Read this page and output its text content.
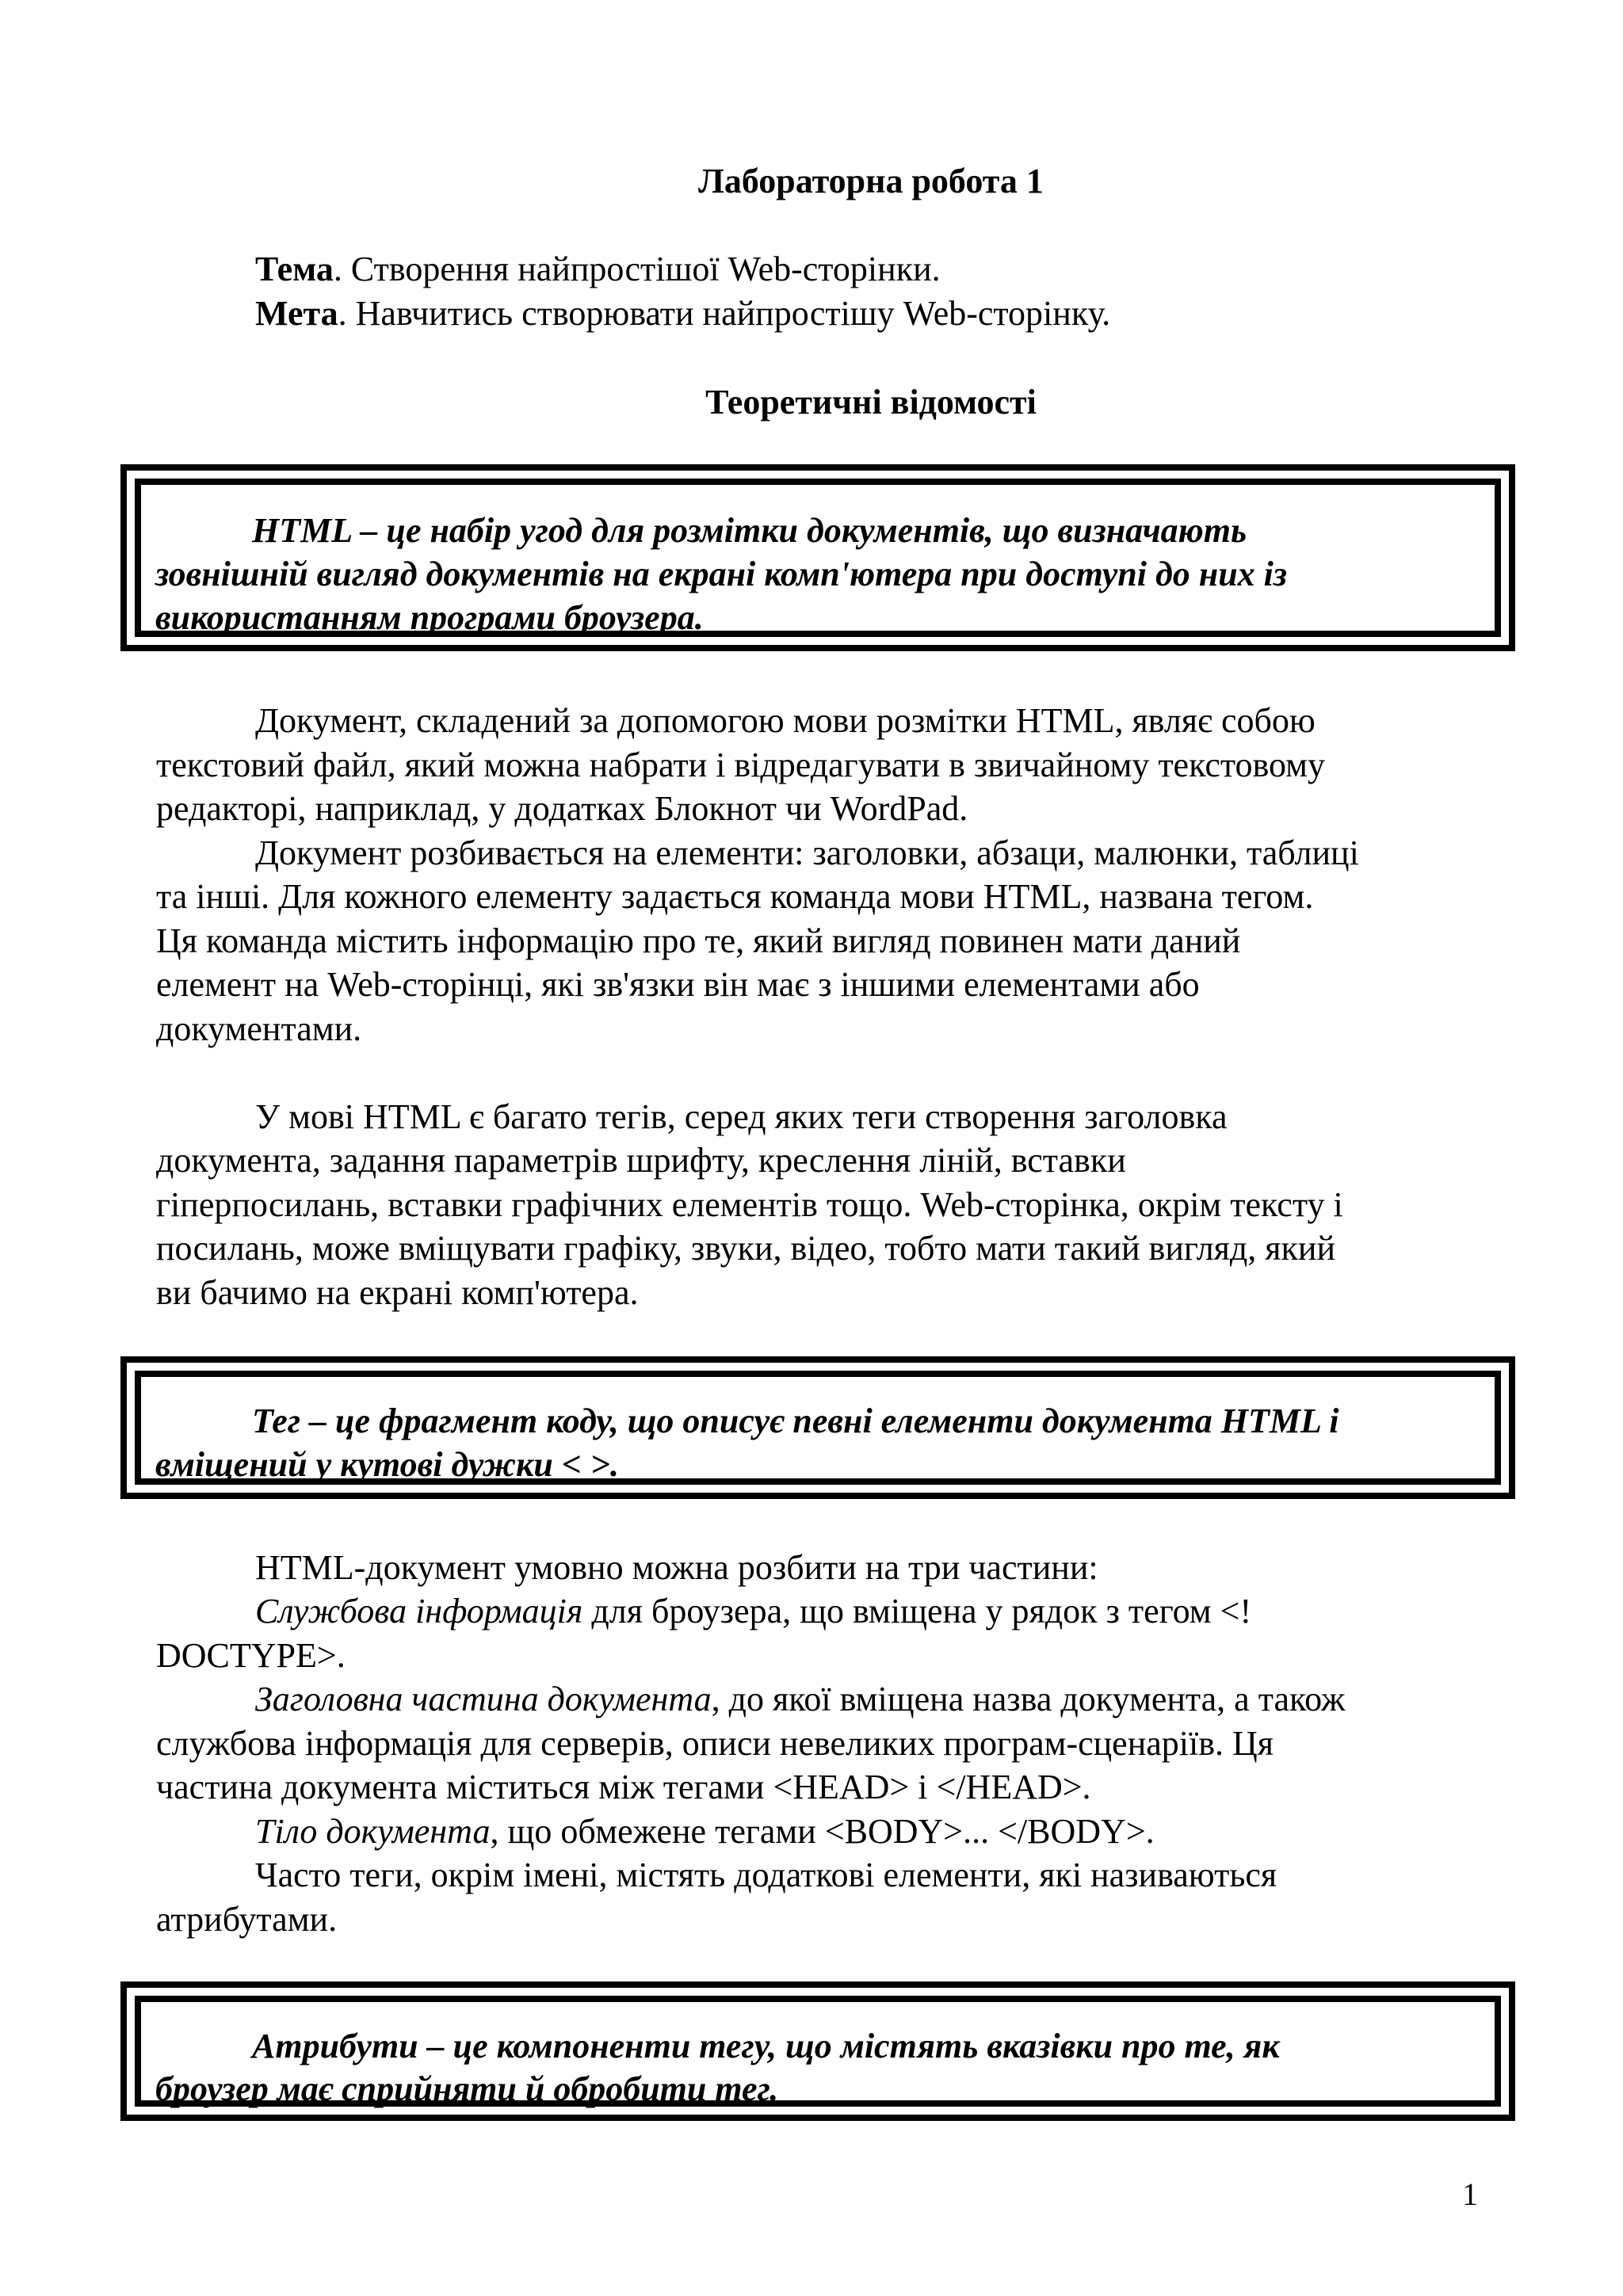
Лабораторна робота 1
Тема. Створення найпростішої Web-сторінки.
Мета. Навчитись створювати найпростішу Web-сторінку.
Теоретичні відомості
HTML – це набір угод для розмітки документів, що визначають
зовнішній вигляд документів на екрані комп'ютера при доступі до них із
використанням програми броузера.
Документ, складений за допомогою мови розмітки HTML, являє собою
текстовий файл, який можна набрати і відредагувати в звичайному текстовому
редакторі, наприклад, у додатках Блокнот чи WordPad.
Документ розбивається на елементи: заголовки, абзаци, малюнки, таблиці
та інші. Для кожного елементу задається команда мови HTML, названа тегом.
Ця команда містить інформацію про те, який вигляд повинен мати даний
елемент на Web-сторінці, які зв'язки він має з іншими елементами або
документами.
У мові HTML є багато тегів, серед яких теги створення заголовка
документа, задання параметрів шрифту, креслення ліній, вставки
гіперпосилань, вставки графічних елементів тощо. Web-сторінка, окрім тексту і
посилань, може вміщувати графіку, звуки, відео, тобто мати такий вигляд, який
ви бачимо на екрані комп'ютера.
Тег – це фрагмент коду, що описує певні елементи документа HTML і
вміщений у кутові дужки < >.
HTML-документ умовно можна розбити на три частини:
Службова інформація для броузера, що вміщена у рядок з тегом <!
DOCTYPE>.
Заголовна частина документа, до якої вміщена назва документа, а також
службова інформація для серверів, описи невеликих програм-сценаріїв. Ця
частина документа міститься між тегами <HEAD> і </HEAD>.
Тіло документа, що обмежене тегами <BODY>... </BODY>.
Часто теги, окрім імені, містять додаткові елементи, які називаються
атрибутами.
Атрибути – це компоненти тегу, що містять вказівки про те, як
броузер має сприйняти й обробити тег.
1
